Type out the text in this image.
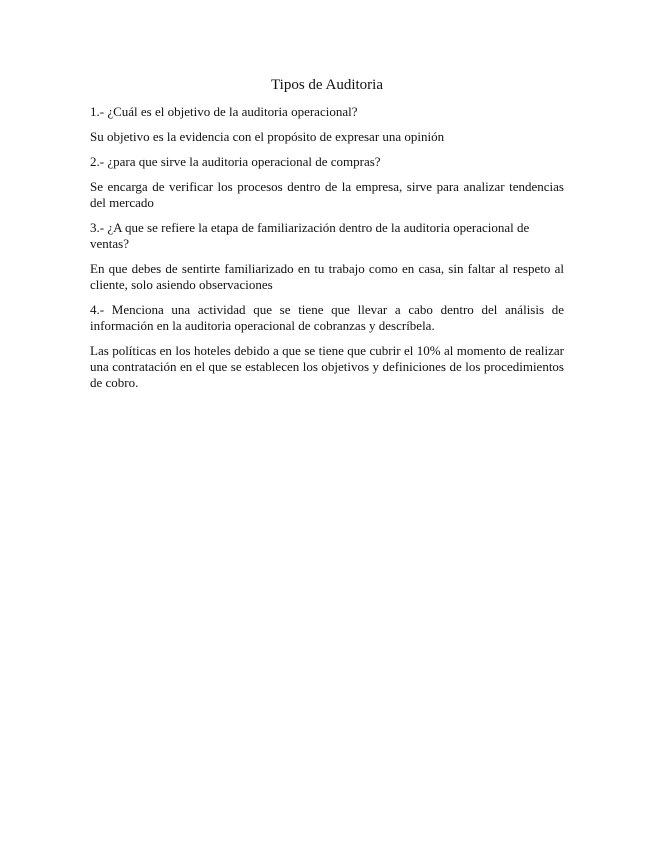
Tipos de Auditoria
1.- ¿Cuál es el objetivo de la auditoria operacional?
Su objetivo es la evidencia con el propósito de expresar una opinión
2.- ¿para que sirve la auditoria operacional de compras?
Se encarga de verificar los procesos dentro de la empresa, sirve para analizar tendencias del mercado
3.- ¿A que se refiere la etapa de familiarización dentro de la auditoria operacional de ventas?
En que debes de sentirte familiarizado en tu trabajo como en casa, sin faltar al respeto al cliente, solo asiendo observaciones
4.- Menciona una actividad que se tiene que llevar a cabo dentro del análisis de información en la auditoria operacional de cobranzas y descríbela.
Las políticas en los hoteles debido a que se tiene que cubrir el 10% al momento de realizar una contratación en el que se establecen los objetivos y definiciones de los procedimientos de cobro.
